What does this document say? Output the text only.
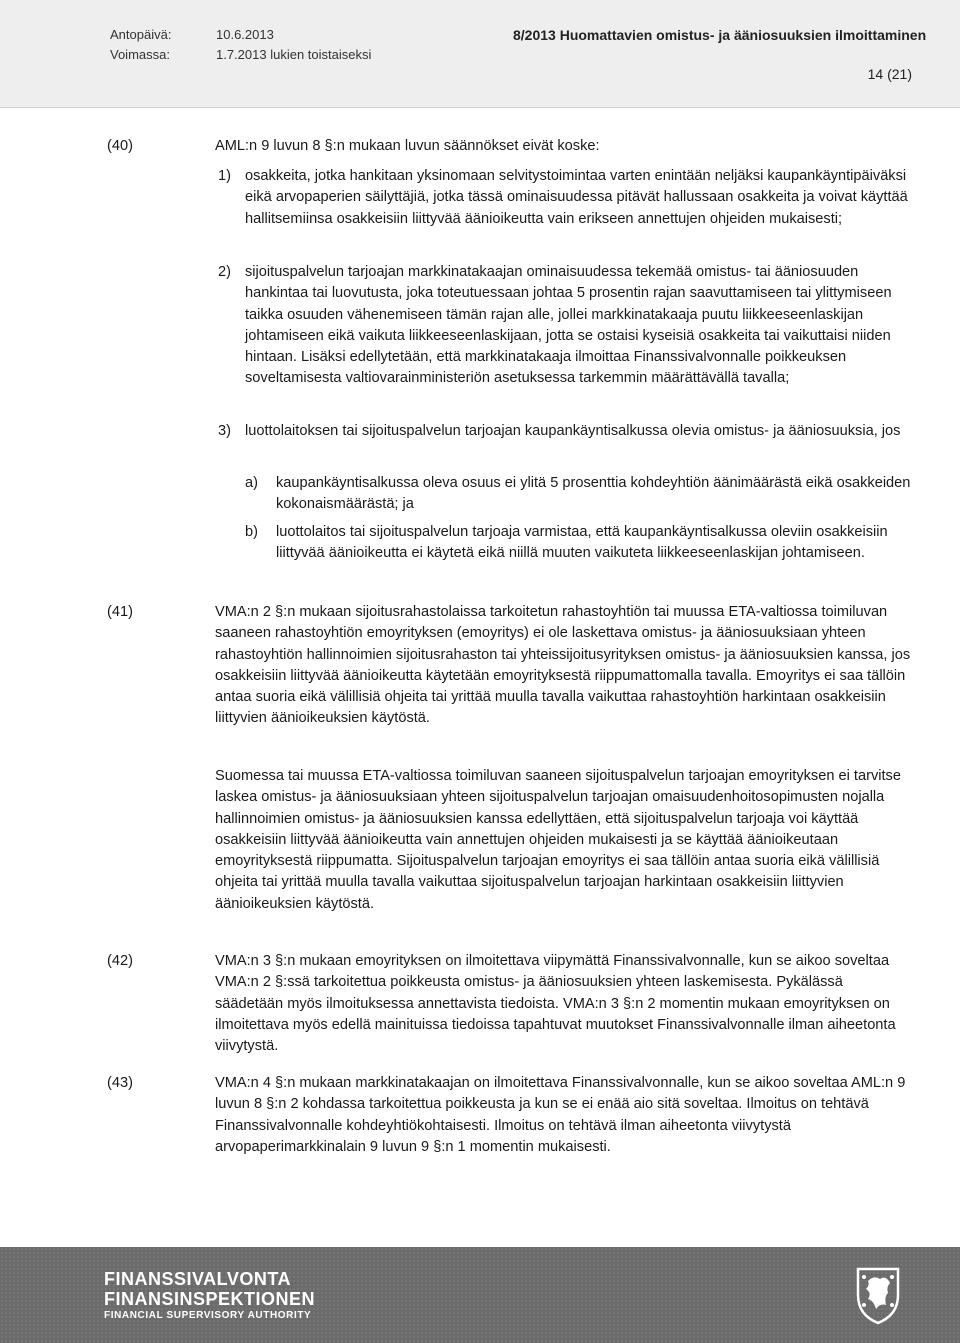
Antopäivä:	10.6.2013
Voimassa:	1.7.2013 lukien toistaiseksi
8/2013 Huomattavien omistus- ja ääniosuuksien ilmoittaminen
14 (21)
(40)	AML:n 9 luvun 8 §:n mukaan luvun säännökset eivät koske:
1) osakkeita, jotka hankitaan yksinomaan selvitystoimintaa varten enintään neljäksi kaupankäyntipäiväksi eikä arvopaperien säilyttäjiä, jotka tässä ominaisuudessa pitävät hallussaan osakkeita ja voivat käyttää hallitsemiinsa osakkeisiin liittyvää äänioikeutta vain erikseen annettujen ohjeiden mukaisesti;
2) sijoituspalvelun tarjoajan markkinatakaajan ominaisuudessa tekemää omistus- tai ääniosuuden hankintaa tai luovutusta, joka toteutuessaan johtaa 5 prosentin rajan saavuttamiseen tai ylittymiseen taikka osuuden vähenemiseen tämän rajan alle, jollei markkinatakaaja puutu liikkeeseenlaskijan johtamiseen eikä vaikuta liikkeeseenlaskijaan, jotta se ostaisi kyseisiä osakkeita tai vaikuttaisi niiden hintaan. Lisäksi edellytetään, että markkinatakaaja ilmoittaa Finanssivalvonnalle poikkeuksen soveltamisesta valtiovarainministeriön asetuksessa tarkemmin määrättävällä tavalla;
3) luottolaitoksen tai sijoituspalvelun tarjoajan kaupankäyntisalkussa olevia omistus- ja ääniosuuksia, jos
a) kaupankäyntisalkussa oleva osuus ei ylitä 5 prosenttia kohdeyhtiön äänimäärästä eikä osakkeiden kokonaismäärästä; ja
b) luottolaitos tai sijoituspalvelun tarjoaja varmistaa, että kaupankäyntisalkussa oleviin osakkeisiin liittyvää äänioikeutta ei käytetä eikä niillä muuten vaikuteta liikkeeseenlaskijan johtamiseen.
(41)	VMA:n 2 §:n mukaan sijoitusrahastolaissa tarkoitetun rahastoyhtiön tai muussa ETA-valtiossa toimiluvan saaneen rahastoyhtiön emoyrityksen (emoyritys) ei ole laskettava omistus- ja ääniosuuksiaan yhteen rahastoyhtiön hallinnoimien sijoitusrahaston tai yhteissijoitusyrityksen omistus- ja ääniosuuksien kanssa, jos osakkeisiin liittyvää äänioikeutta käytetään emoyrityksestä riippumattomalla tavalla. Emoyritys ei saa tällöin antaa suoria eikä välillisiä ohjeita tai yrittää muulla tavalla vaikuttaa rahastoyhtiön harkintaan osakkeisiin liittyvien äänioikeuksien käytöstä.
Suomessa tai muussa ETA-valtiossa toimiluvan saaneen sijoituspalvelun tarjoajan emoyrityksen ei tarvitse laskea omistus- ja ääniosuuksiaan yhteen sijoituspalvelun tarjoajan omaisuudenhoitosopimusten nojalla hallinnoimien omistus- ja ääniosuuksien kanssa edellyttäen, että sijoituspalvelun tarjoaja voi käyttää osakkeisiin liittyvää äänioikeutta vain annettujen ohjeiden mukaisesti ja se käyttää äänioikeutaan emoyrityksestä riippumatta. Sijoituspalvelun tarjoajan emoyritys ei saa tällöin antaa suoria eikä välillisiä ohjeita tai yrittää muulla tavalla vaikuttaa sijoituspalvelun tarjoajan harkintaan osakkeisiin liittyvien äänioikeuksien käytöstä.
(42)	VMA:n 3 §:n mukaan emoyrityksen on ilmoitettava viipymättä Finanssivalvonnalle, kun se aikoo soveltaa VMA:n 2 §:ssä tarkoitettua poikkeusta omistus- ja ääniosuuksien yhteen laskemisesta. Pykälässä säädetään myös ilmoituksessa annettavista tiedoista. VMA:n 3 §:n 2 momentin mukaan emoyrityksen on ilmoitettava myös edellä mainituissa tiedoissa tapahtuvat muutokset Finanssivalvonnalle ilman aiheetonta viivytystä.
(43)	VMA:n 4 §:n mukaan markkinatakaajan on ilmoitettava Finanssivalvonnalle, kun se aikoo soveltaa AML:n 9 luvun 8 §:n 2 kohdassa tarkoitettua poikkeusta ja kun se ei enää aio sitä soveltaa. Ilmoitus on tehtävä Finanssivalvonnalle kohdeyhtiökohtaisesti. Ilmoitus on tehtävä ilman aiheetonta viivytystä arvopaperimarkkinalain 9 luvun 9 §:n 1 momentin mukaisesti.
FINANSSIVALVONTA
FINANSINSPEKTIONEN
FINANCIAL SUPERVISORY AUTHORITY
